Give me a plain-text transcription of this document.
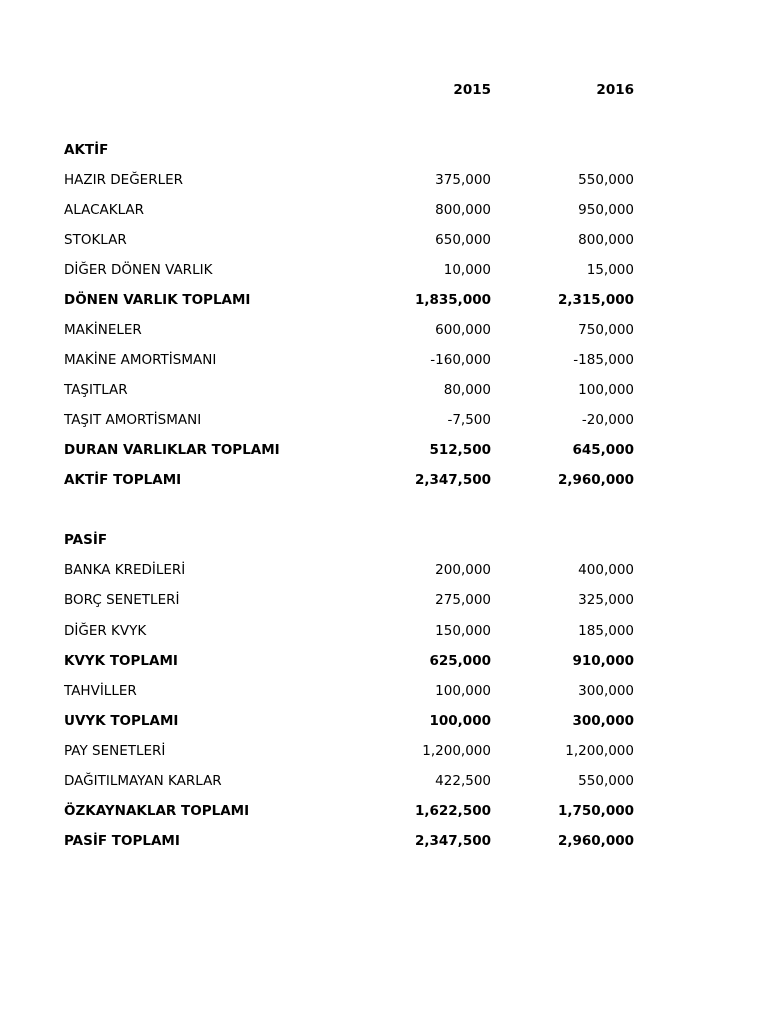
2015	2016
AKTİF
HAZIR DEĞERLER	375,000	550,000
ALACAKLAR	800,000	950,000
STOKLAR	650,000	800,000
DİĞER DÖNEN VARLIK	10,000	15,000
DÖNEN VARLIK TOPLAMI	1,835,000	2,315,000
MAKİNELER	600,000	750,000
MAKİNE AMORTİSMANI	-160,000	-185,000
TAŞITLAR	80,000	100,000
TAŞIT AMORTİSMANI	-7,500	-20,000
DURAN VARLIKLAR TOPLAMI	512,500	645,000
AKTİF TOPLAMI	2,347,500	2,960,000
PASİF
BANKA KREDİLERİ	200,000	400,000
BORÇ SENETLERİ	275,000	325,000
DİĞER KVYK	150,000	185,000
KVYK TOPLAMI	625,000	910,000
TAHVİLLER	100,000	300,000
UVYK TOPLAMI	100,000	300,000
PAY SENETLERİ	1,200,000	1,200,000
DAĞITILMAYAN KARLAR	422,500	550,000
ÖZKAYNAKLAR TOPLAMI	1,622,500	1,750,000
PASİF TOPLAMI	2,347,500	2,960,000
